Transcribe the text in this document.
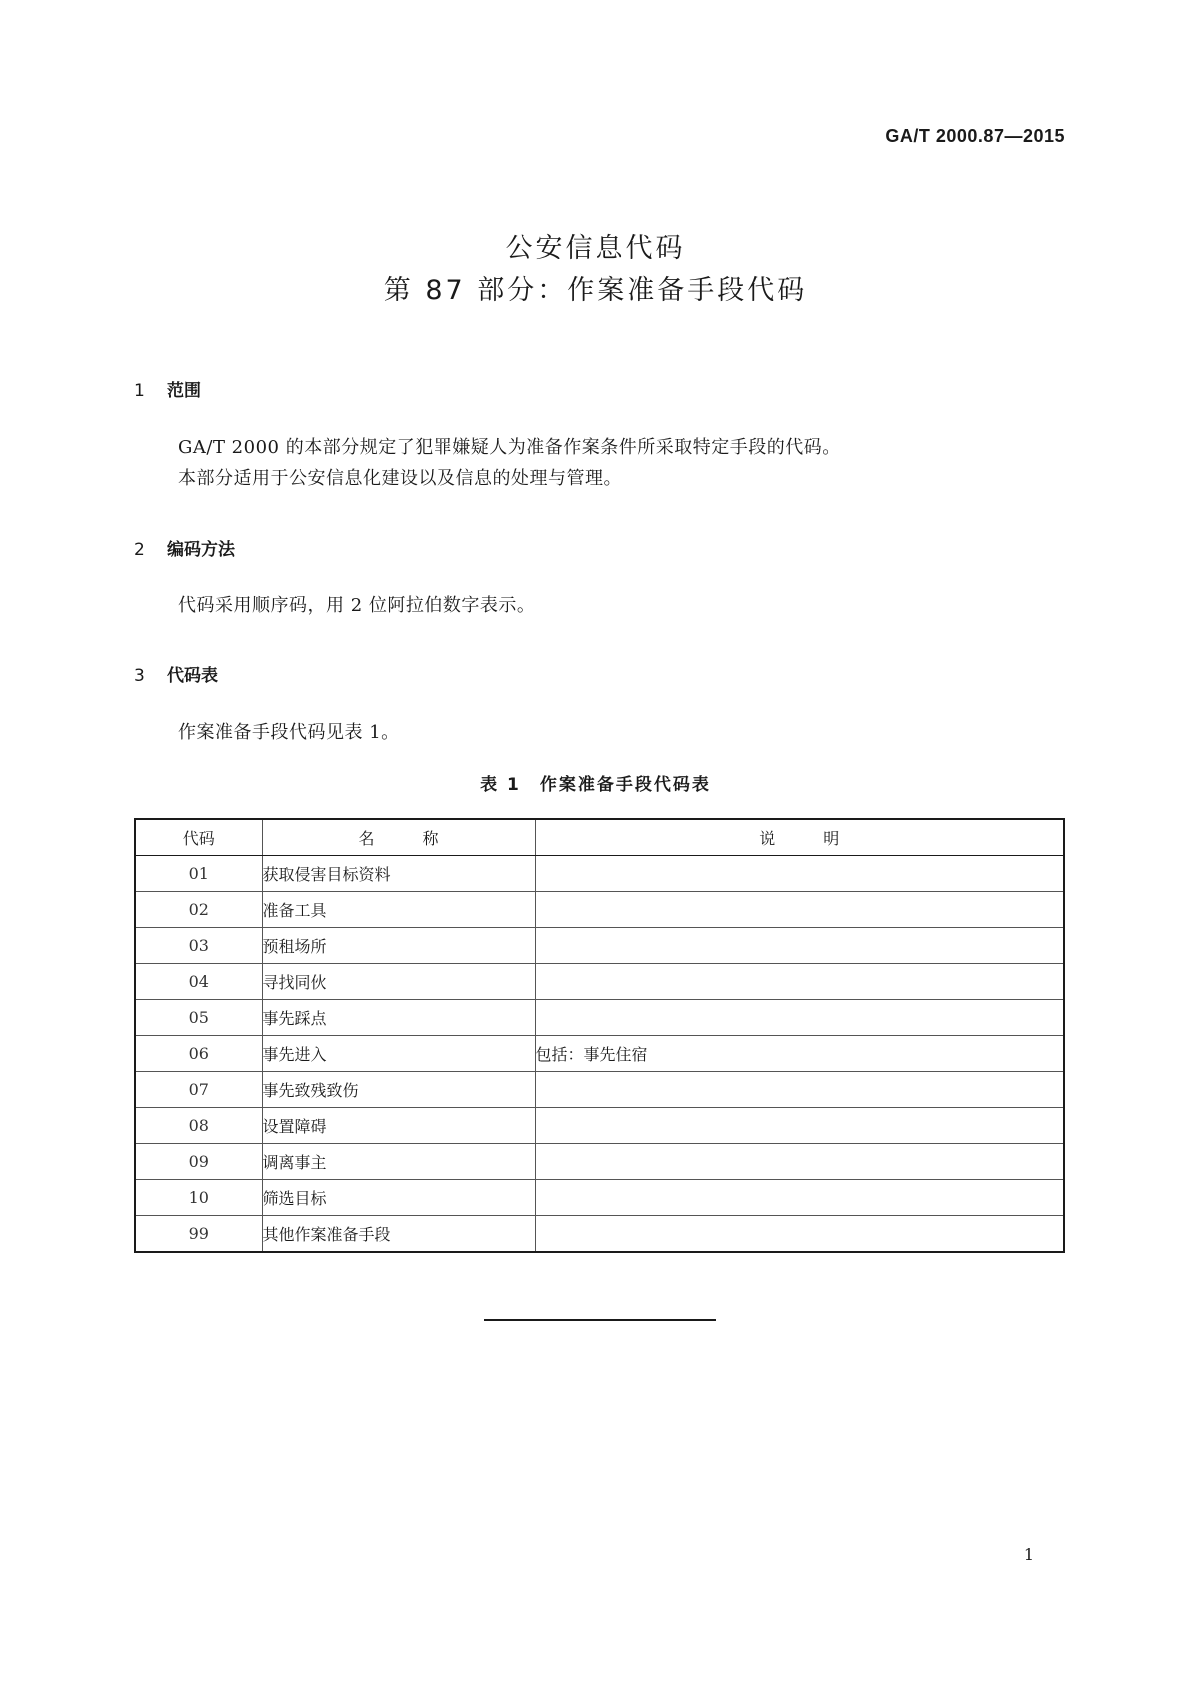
GA/T 2000.87—2015
公安信息代码
第 87 部分：作案准备手段代码
1 范围
GA/T 2000 的本部分规定了犯罪嫌疑人为准备作案条件所采取特定手段的代码。
本部分适用于公安信息化建设以及信息的处理与管理。
2 编码方法
代码采用顺序码，用 2 位阿拉伯数字表示。
3 代码表
作案准备手段代码见表 1。
表 1　作案准备手段代码表
代码	名　　　称	说　　　明
01	获取侵害目标资料	
02	准备工具	
03	预租场所	
04	寻找同伙	
05	事先踩点	
06	事先进入	包括：事先住宿
07	事先致残致伤	
08	设置障碍	
09	调离事主	
10	筛选目标	
99	其他作案准备手段	
1
